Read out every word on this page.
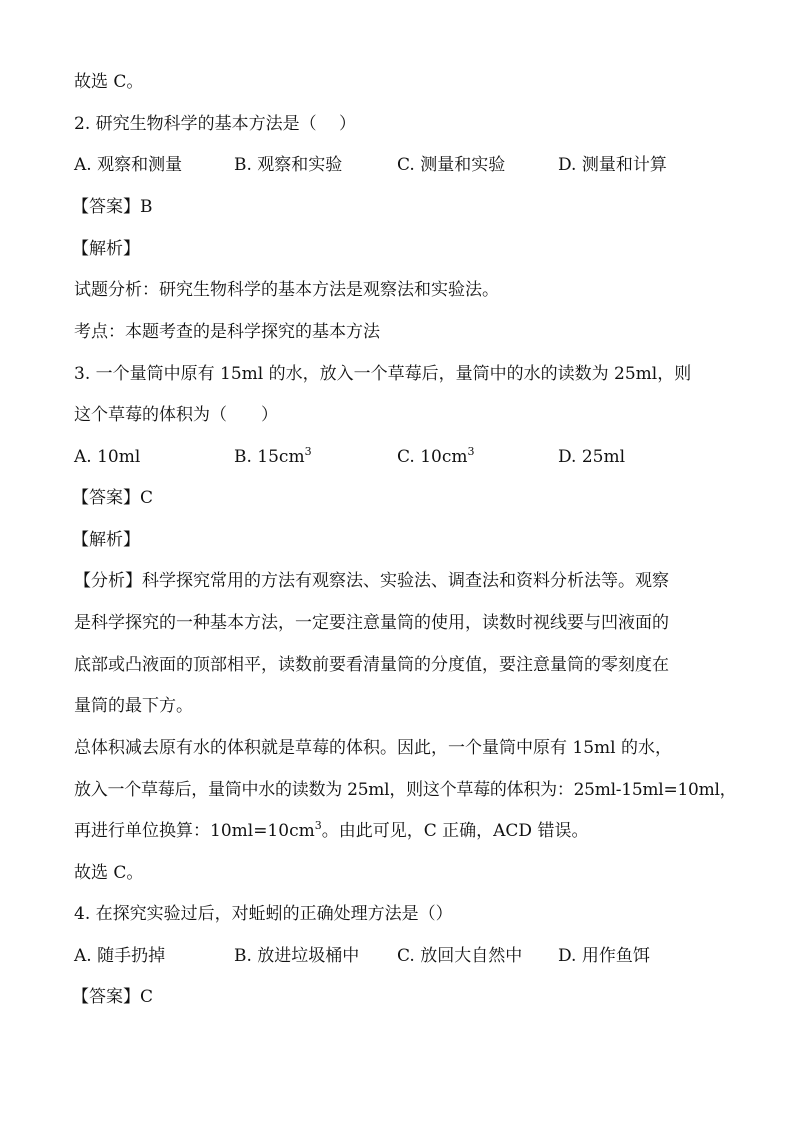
故选 C。

2. 研究生物科学的基本方法是（　 ）

A. 观察和测量	B. 观察和实验	C. 测量和实验	D. 测量和计算

【答案】B

【解析】

试题分析：研究生物科学的基本方法是观察法和实验法。

考点：本题考查的是科学探究的基本方法

3. 一个量筒中原有 15ml 的水，放入一个草莓后，量筒中的水的读数为 25ml，则

这个草莓的体积为（　　）

A. 10ml	B. $15cm^3$	C. $10cm^3$	D. 25ml

【答案】C

【解析】

【分析】科学探究常用的方法有观察法、实验法、调查法和资料分析法等。观察

是科学探究的一种基本方法，一定要注意量筒的使用，读数时视线要与凹液面的

底部或凸液面的顶部相平，读数前要看清量筒的分度值，要注意量筒的零刻度在

量筒的最下方。

总体积减去原有水的体积就是草莓的体积。因此，一个量筒中原有 15ml 的水，

放入一个草莓后，量筒中水的读数为 25ml，则这个草莓的体积为：25ml-15ml=10ml，

再进行单位换算：$10ml=10cm^3$。由此可见，C 正确，ACD 错误。

故选 C。

4. 在探究实验过后，对蚯蚓的正确处理方法是（）

A. 随手扔掉	B. 放进垃圾桶中 C. 放回大自然中 D. 用作鱼饵

【答案】C
